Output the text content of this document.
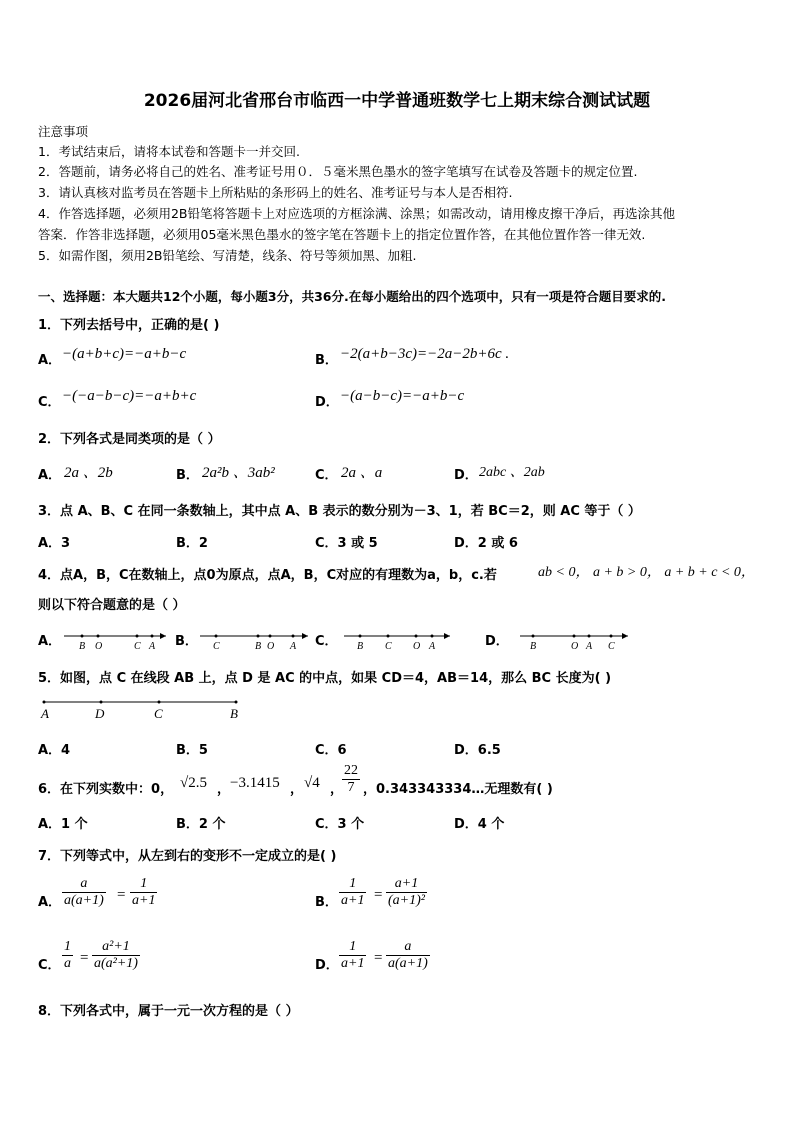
2026届河北省邢台市临西一中学普通班数学七上期末综合测试试题
注意事项
1．考试结束后，请将本试卷和答题卡一并交回.
2．答题前，请务必将自己的姓名、准考证号用０．５毫米黑色墨水的签字笔填写在试卷及答题卡的规定位置.
3．请认真核对监考员在答题卡上所粘贴的条形码上的姓名、准考证号与本人是否相符.
4．作答选择题，必须用2B铅笔将答题卡上对应选项的方框涂满、涂黑；如需改动，请用橡皮擦干净后，再选涂其他
答案．作答非选择题，必须用05毫米黑色墨水的签字笔在答题卡上的指定位置作答，在其他位置作答一律无效.
5．如需作图，须用2B铅笔绘、写清楚，线条、符号等须加黑、加粗.
一、选择题：本大题共12个小题，每小题3分，共36分.在每小题给出的四个选项中，只有一项是符合题目要求的.
1．下列去括号中，正确的是( )
A． −(a+b+c)=−a+b−c	B． −2(a+b−3c)=−2a−2b+6c .
C． −(−a−b−c)=−a+b+c	D． −(a−b−c)=−a+b−c
2．下列各式是同类项的是（ ）
A． 2a 、2b	B． 2a²b 、3ab²	C． 2a 、a	D． 2abc 、2ab
3．点 A、B、C 在同一条数轴上，其中点 A、B 表示的数分别为－3、1，若 BC＝2，则 AC 等于（ ）
A．3	B．2	C．3 或 5	D．2 或 6
4．点A，B，C在数轴上，点0为原点，点A，B，C对应的有理数为a，b，c.若	ab < 0， a + b > 0， a + b + c < 0，
则以下符合题意的是（ ）
A． B O	C A B． C	B O A C． B C O A	D． B	O A C
5．如图，点 C 在线段 AB 上，点 D 是 AC 的中点，如果 CD＝4，AB＝14，那么 BC 长度为( )
A	D	C	B
A．4	B．5	C．6	D．6.5
6．在下列实数中：0， √2.5 ， −3.1415 ， √4 ，
$\frac{22}{7}$ ， 0.343343334…无理数有( )
A．1 个	B．2 个	C．3 个	D．4 个
7．下列等式中，从左到右的变形不一定成立的是( )
A． $\frac{a}{a(a+1)} = \frac{1}{a+1}$	B． $\frac{1}{a+1} = \frac{a+1}{\text{(a+1)²}}$
C． $\frac{1}{a} = \frac{\text{a²+1}}{\text{a(a²+1)}}$	D． $\frac{1}{a+1} = \frac{a}{a(a+1)}$
8．下列各式中，属于一元一次方程的是（ ）
